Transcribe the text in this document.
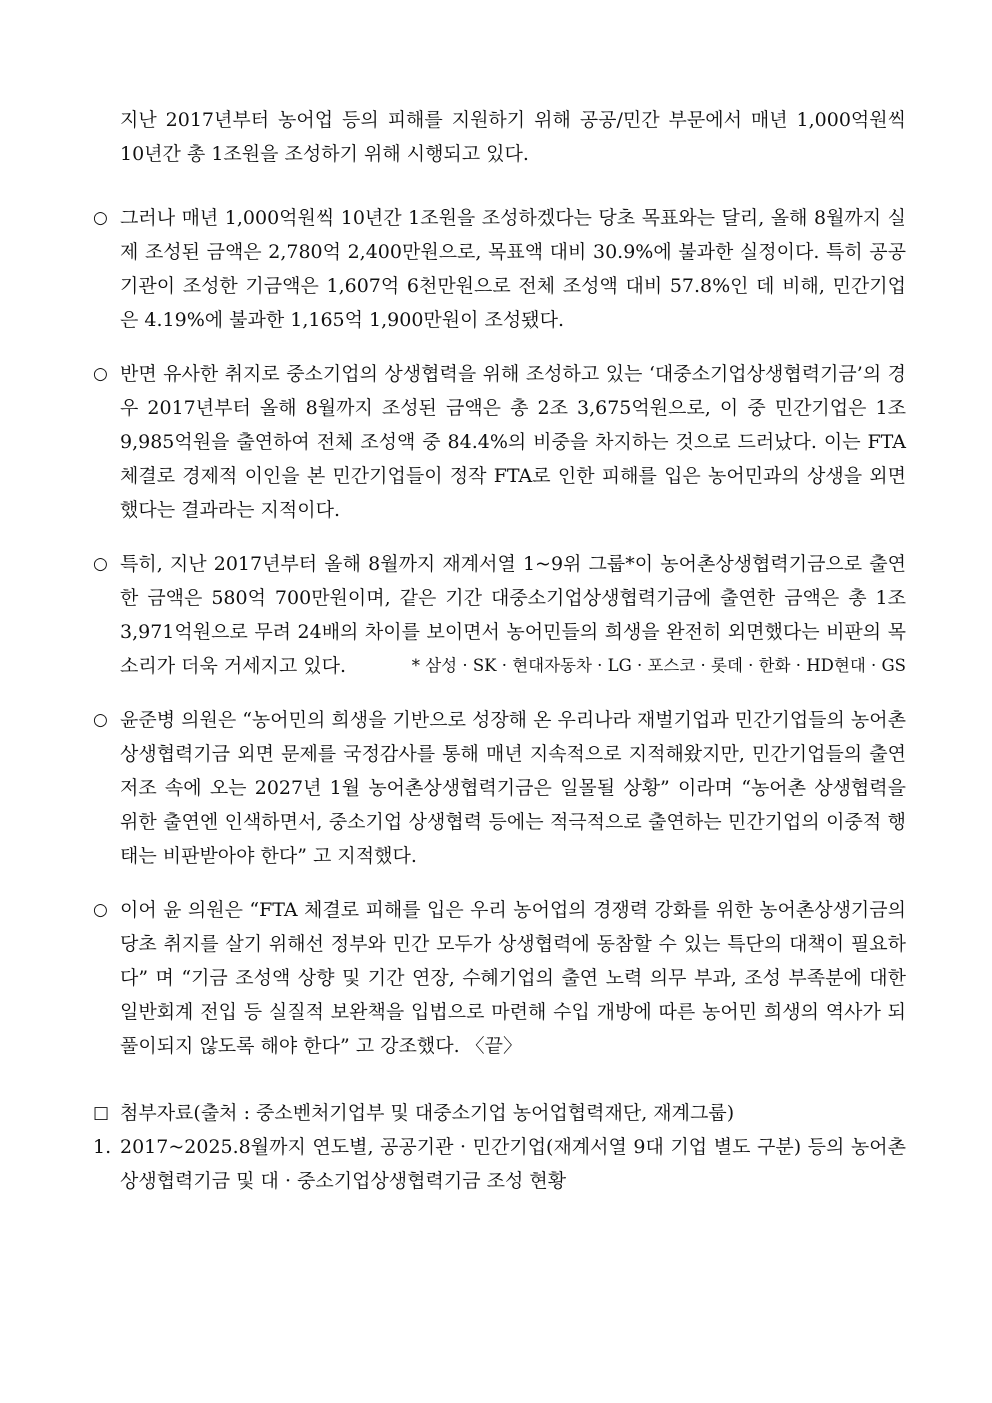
지난 2017년부터 농어업 등의 피해를 지원하기 위해 공공/민간 부문에서 매년 1,000억원씩 10년간 총 1조원을 조성하기 위해 시행되고 있다.
○ 그러나 매년 1,000억원씩 10년간 1조원을 조성하겠다는 당초 목표와는 달리, 올해 8월까지 실제 조성된 금액은 2,780억 2,400만원으로, 목표액 대비 30.9%에 불과한 실정이다. 특히 공공기관이 조성한 기금액은 1,607억 6천만원으로 전체 조성액 대비 57.8%인 데 비해, 민간기업은 4.19%에 불과한 1,165억 1,900만원이 조성됐다.
○ 반면 유사한 취지로 중소기업의 상생협력을 위해 조성하고 있는 ‘대중소기업상생협력기금’의 경우 2017년부터 올해 8월까지 조성된 금액은 총 2조 3,675억원으로, 이 중 민간기업은 1조 9,985억원을 출연하여 전체 조성액 중 84.4%의 비중을 차지하는 것으로 드러났다. 이는 FTA 체결로 경제적 이인을 본 민간기업들이 정작 FTA로 인한 피해를 입은 농어민과의 상생을 외면했다는 결과라는 지적이다.
○ 특히, 지난 2017년부터 올해 8월까지 재계서열 1~9위 그룹*이 농어촌상생협력기금으로 출연한 금액은 580억 700만원이며, 같은 기간 대중소기업상생협력기금에 출연한 금액은 총 1조 3,971억원으로 무려 24배의 차이를 보이면서 농어민들의 희생을 완전히 외면했다는 비판의 목소리가 더욱 거세지고 있다.	* 삼성 · SK · 현대자동차 · LG · 포스코 · 롯데 · 한화 · HD현대 · GS
○ 윤준병 의원은 “농어민의 희생을 기반으로 성장해 온 우리나라 재벌기업과 민간기업들의 농어촌상생협력기금 외면 문제를 국정감사를 통해 매년 지속적으로 지적해왔지만, 민간기업들의 출연 저조 속에 오는 2027년 1월 농어촌상생협력기금은 일몰될 상황” 이라며 “농어촌 상생협력을 위한 출연엔 인색하면서, 중소기업 상생협력 등에는 적극적으로 출연하는 민간기업의 이중적 행태는 비판받아야 한다” 고 지적했다.
○ 이어 윤 의원은 “FTA 체결로 피해를 입은 우리 농어업의 경쟁력 강화를 위한 농어촌상생기금의 당초 취지를 살기 위해선 정부와 민간 모두가 상생협력에 동참할 수 있는 특단의 대책이 필요하다” 며 “기금 조성액 상향 및 기간 연장, 수혜기업의 출연 노력 의무 부과, 조성 부족분에 대한 일반회계 전입 등 실질적 보완책을 입법으로 마련해 수입 개방에 따른 농어민 희생의 역사가 되풀이되지 않도록 해야 한다” 고 강조했다. 〈끝〉
□ 첨부자료(출처 : 중소벤처기업부 및 대중소기업 농어업협력재단, 재계그룹)
1. 2017~2025.8월까지 연도별, 공공기관 · 민간기업(재계서열 9대 기업 별도 구분) 등의 농어촌상생협력기금 및 대 · 중소기업상생협력기금 조성 현황
